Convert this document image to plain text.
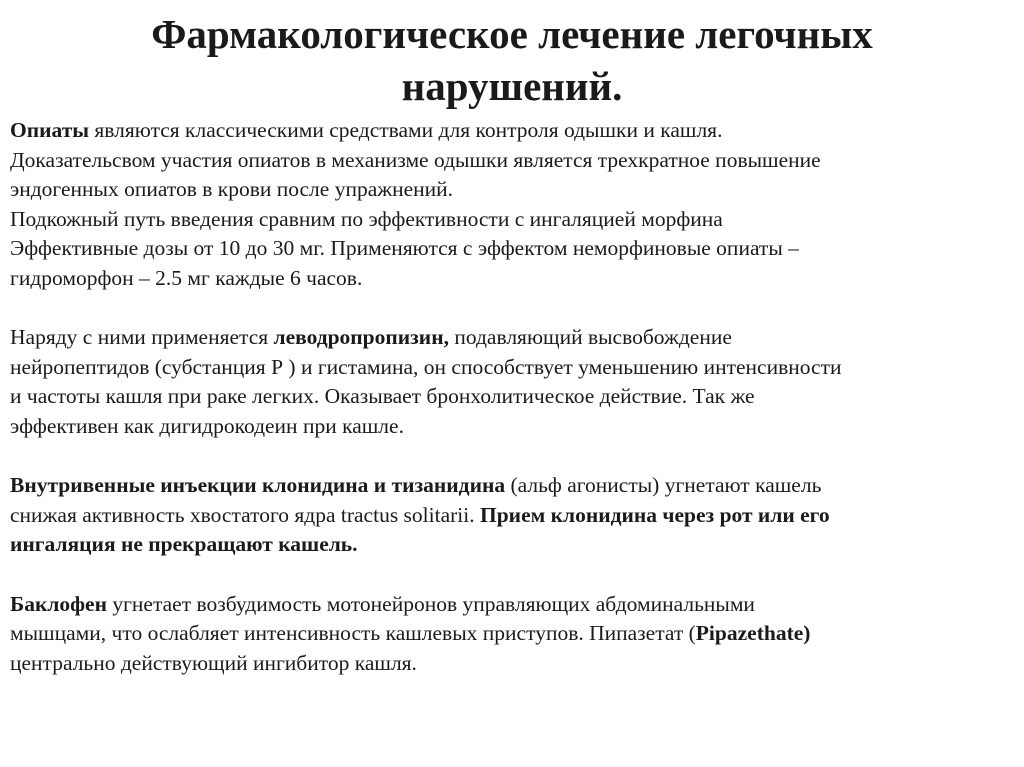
Фармакологическое лечение легочных
нарушений.
Опиаты являются классическими средствами для контроля одышки и кашля.
Доказательсвом участия опиатов в механизме одышки является трехкратное повышение
эндогенных опиатов в крови после упражнений.
Подкожный путь введения сравним по эффективности с ингаляцией морфина
Эффективные дозы от 10 до 30 мг. Применяются с эффектом неморфиновые опиаты –
гидроморфон – 2.5 мг каждые 6 часов.
Наряду с ними применяется леводропропизин, подавляющий высвобождение
нейропептидов (субстанция Р ) и гистамина, он способствует уменьшению интенсивности
и частоты кашля при раке легких. Оказывает бронхолитическое действие. Так же
эффективен как дигидрокодеин при кашле.
Внутривенные инъекции клонидина и тизанидина (альф агонисты) угнетают кашель
снижая активность хвостатого ядра tractus solitarii. Прием клонидина через рот или его
ингаляция не прекращают кашель.
Баклофен угнетает возбудимость мотонейронов управляющих абдоминальными
мышцами, что ослабляет интенсивность кашлевых приступов. Пипазетат (Pipazethate)
центрально действующий ингибитор кашля.
